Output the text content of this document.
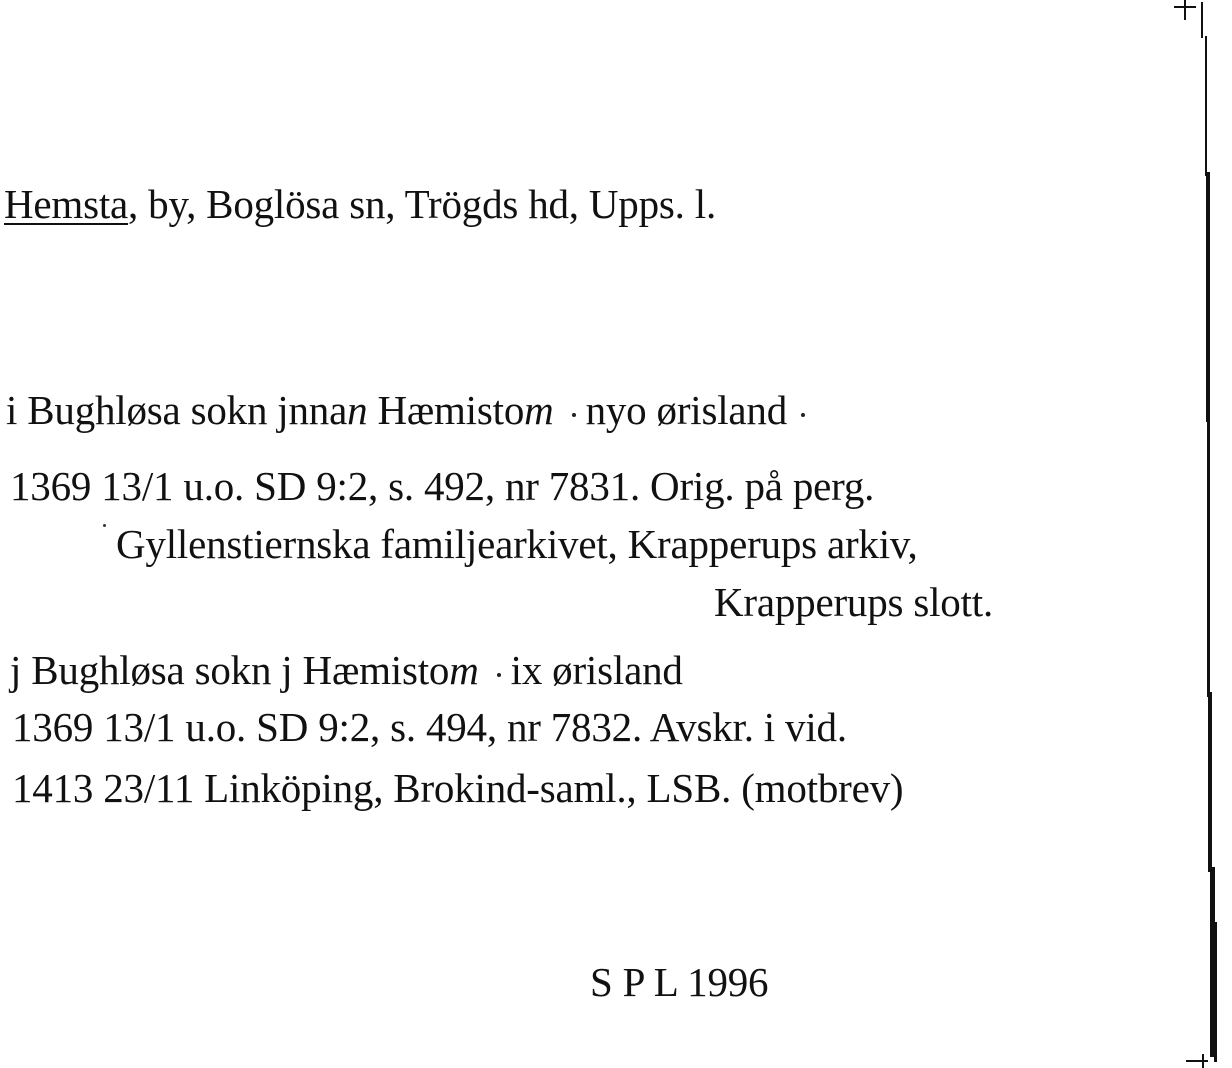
Hemsta, by, Boglösa sn, Trögds hd, Upps. l.
i Bughløsa sokn jnnan Hæmistom nyo ørisland
1369 13/1 u.o. SD 9:2, s. 492, nr 7831. Orig. på perg.
Gyllenstiernska familjearkivet, Krapperups arkiv,
Krapperups slott.
j Bughløsa sokn j Hæmistom ix ørisland
1369 13/1 u.o. SD 9:2, s. 494, nr 7832. Avskr. i vid.
1413 23/11 Linköping, Brokind-saml., LSB. (motbrev)
S P L 1996
